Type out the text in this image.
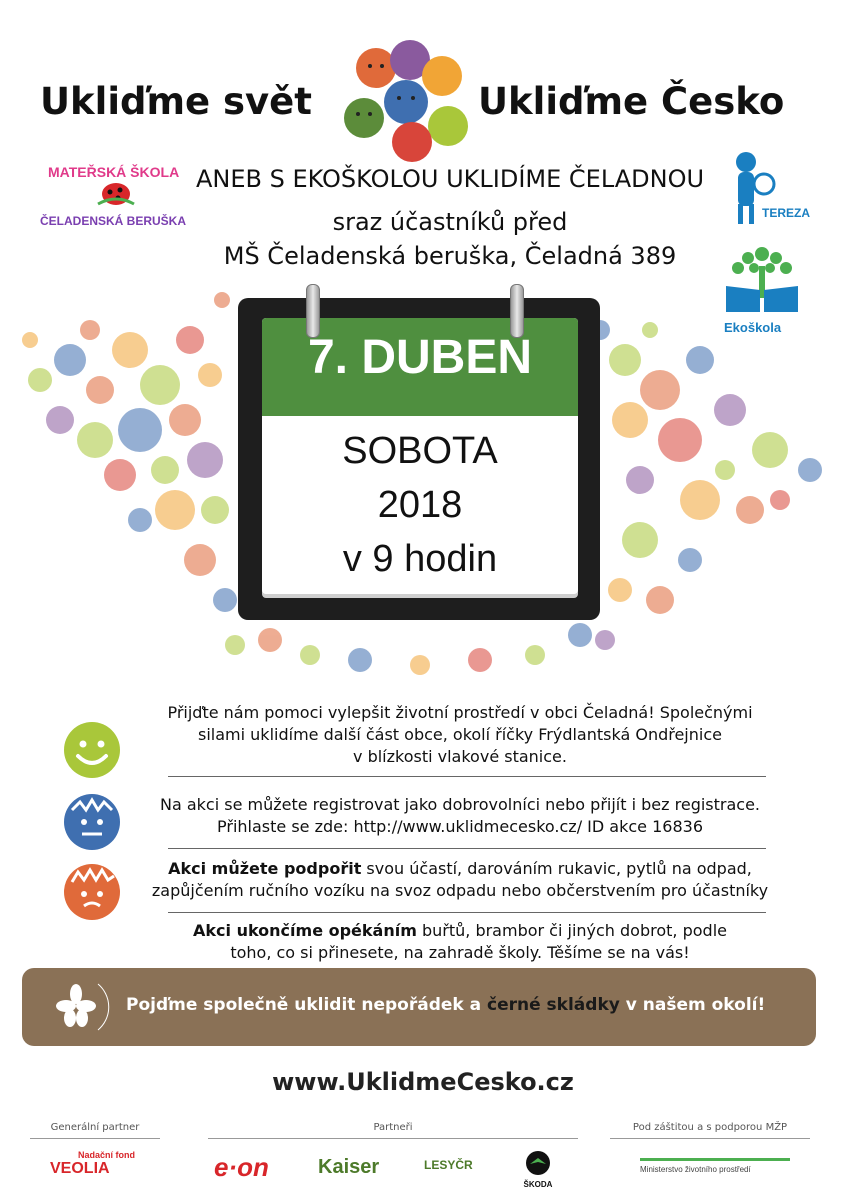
Ukliďme svět	Ukliďme Česko
MATEŘSKÁ ŠKOLA
ČELADENSKÁ BERUŠKA
ANEB S EKOŠKOLOU UKLIDÍME ČELADNOU
sraz účastníků před
MŠ Čeladenská beruška, Čeladná 389
TEREZA
Ekoškola
7. DUBEN
SOBOTA
2018
v 9 hodin
Přijďte nám pomoci vylepšit životní prostředí v obci Čeladná! Společnými
silami uklidíme další část obce, okolí říčky Frýdlantská Ondřejnice
v blízkosti vlakové stanice.
Na akci se můžete registrovat jako dobrovolníci nebo přijít i bez registrace.
Přihlaste se zde: http://www.uklidmecesko.cz/ ID akce 16836
Akci můžete podpořit svou účastí, darováním rukavic, pytlů na odpad,
zapůjčením ručního vozíku na svoz odpadu nebo občerstvením pro účastníky
Akci ukončíme opékáním buřtů, brambor či jiných dobrot, podle
toho, co si přinesete, na zahradě školy. Těšíme se na vás!
Pojďme společně uklidit nepořádek a černé skládky v našem okolí!
www.UklidmeCesko.cz
Generální partner	Partneři	Pod záštitou a s podporou MŽP
Nadační fond
VEOLIA	e·on Kaiser	LESYČR
ŠKODA
Ministerstvo životního prostředí
